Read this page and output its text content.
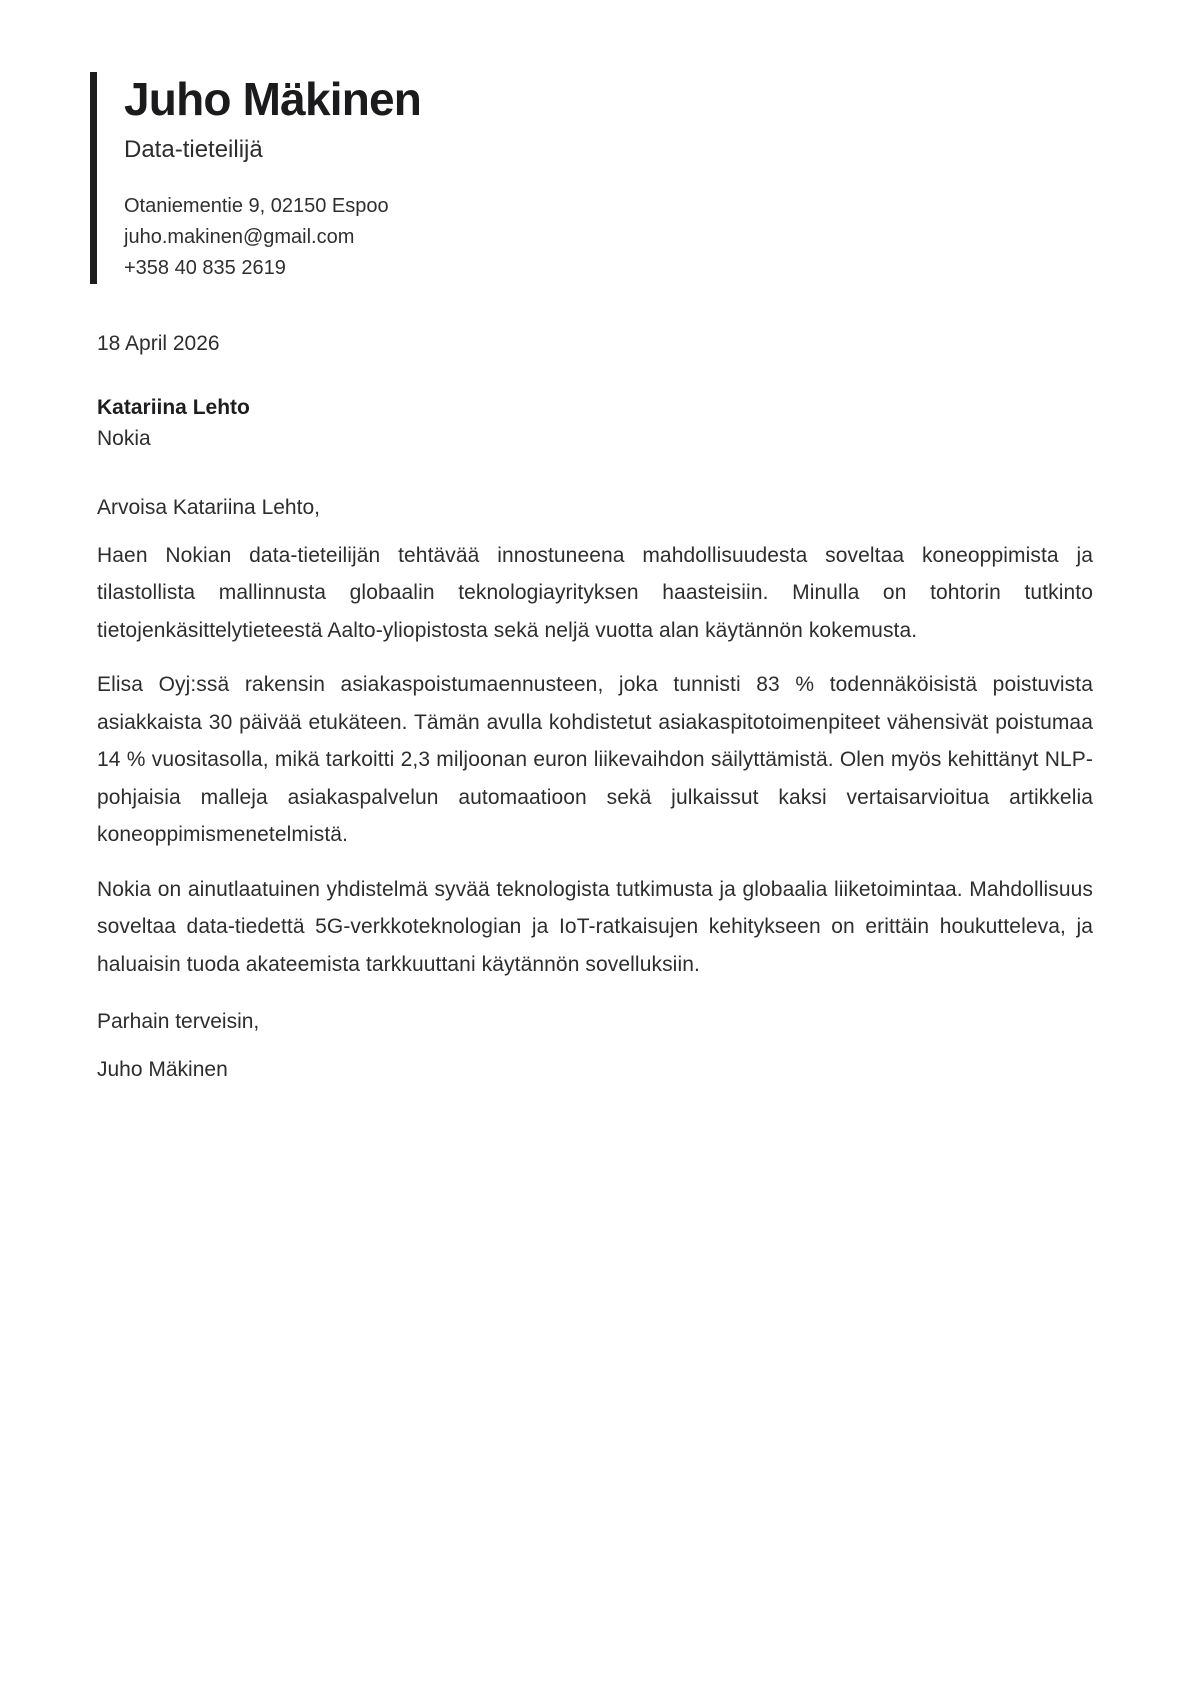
Juho Mäkinen
Data-tieteilijä
Otaniementie 9, 02150 Espoo
juho.makinen@gmail.com
+358 40 835 2619
18 April 2026
Katariina Lehto
Nokia

Arvoisa Katariina Lehto,

Haen Nokian data-tieteilijän tehtävää innostuneena mahdollisuudesta soveltaa koneoppimista ja tilastollista mallinnusta globaalin teknologiayrityksen haasteisiin. Minulla on tohtorin tutkinto tietojenkäsittelytieteestä Aalto-yliopistosta sekä neljä vuotta alan käytännön kokemusta.

Elisa Oyj:ssä rakensin asiakaspoistumaennusteen, joka tunnisti 83 % todennäköisistä poistuvista asiakkaista 30 päivää etukäteen. Tämän avulla kohdistetut asiakaspitotoimenpiteet vähensivät poistumaa 14 % vuositasolla, mikä tarkoitti 2,3 miljoonan euron liikevaihdon säilyttämistä. Olen myös kehittänyt NLP-pohjaisia malleja asiakaspalvelun automaatioon sekä julkaissut kaksi vertaisarvioitua artikkelia koneoppimismenetelmistä.

Nokia on ainutlaatuinen yhdistelmä syvää teknologista tutkimusta ja globaalia liiketoimintaa. Mahdollisuus soveltaa data-tiedettä 5G-verkkoteknologian ja IoT-ratkaisujen kehitykseen on erittäin houkutteleva, ja haluaisin tuoda akateemista tarkkuuttani käytännön sovelluksiin.

Parhain terveisin,

Juho Mäkinen
